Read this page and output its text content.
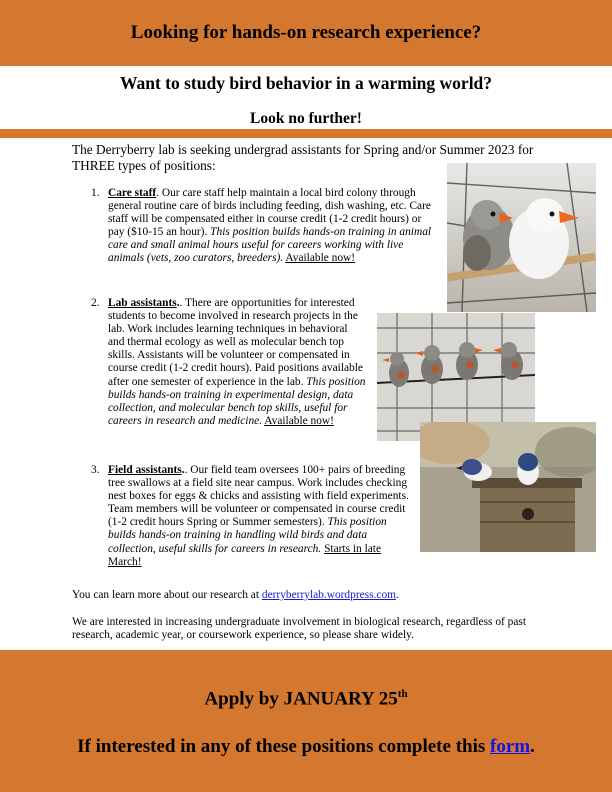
Looking for hands-on research experience?
Want to study bird behavior in a warming world?
Look no further!
The Derryberry lab is seeking undergrad assistants for Spring and/or Summer 2023 for THREE types of positions:
1. Care staff. Our care staff help maintain a local bird colony through general routine care of birds including feeding, dish washing, etc. Care staff will be compensated either in course credit (1-2 credit hours) or pay ($10-15 an hour). This position builds hands-on training in animal care and small animal hours useful for careers working with live animals (vets, zoo curators, breeders). Available now!
2. Lab assistants.. There are opportunities for interested students to become involved in research projects in the lab. Work includes learning techniques in behavioral and thermal ecology as well as molecular bench top skills. Assistants will be volunteer or compensated in course credit (1-2 credit hours). Paid positions available after one semester of experience in the lab. This position builds hands-on training in experimental design, data collection, and molecular bench top skills, useful for careers in research and medicine. Available now!
3. Field assistants.. Our field team oversees 100+ pairs of breeding tree swallows at a field site near campus. Work includes checking nest boxes for eggs & chicks and assisting with field experiments. Team members will be volunteer or compensated in course credit (1-2 credit hours Spring or Summer semesters). This position builds hands-on training in handling wild birds and data collection, useful skills for careers in research. Starts in late March!
You can learn more about our research at derryberrylab.wordpress.com.
We are interested in increasing undergraduate involvement in biological research, regardless of past research, academic year, or coursework experience, so please share widely.
Apply by JANUARY 25th
If interested in any of these positions complete this form.
